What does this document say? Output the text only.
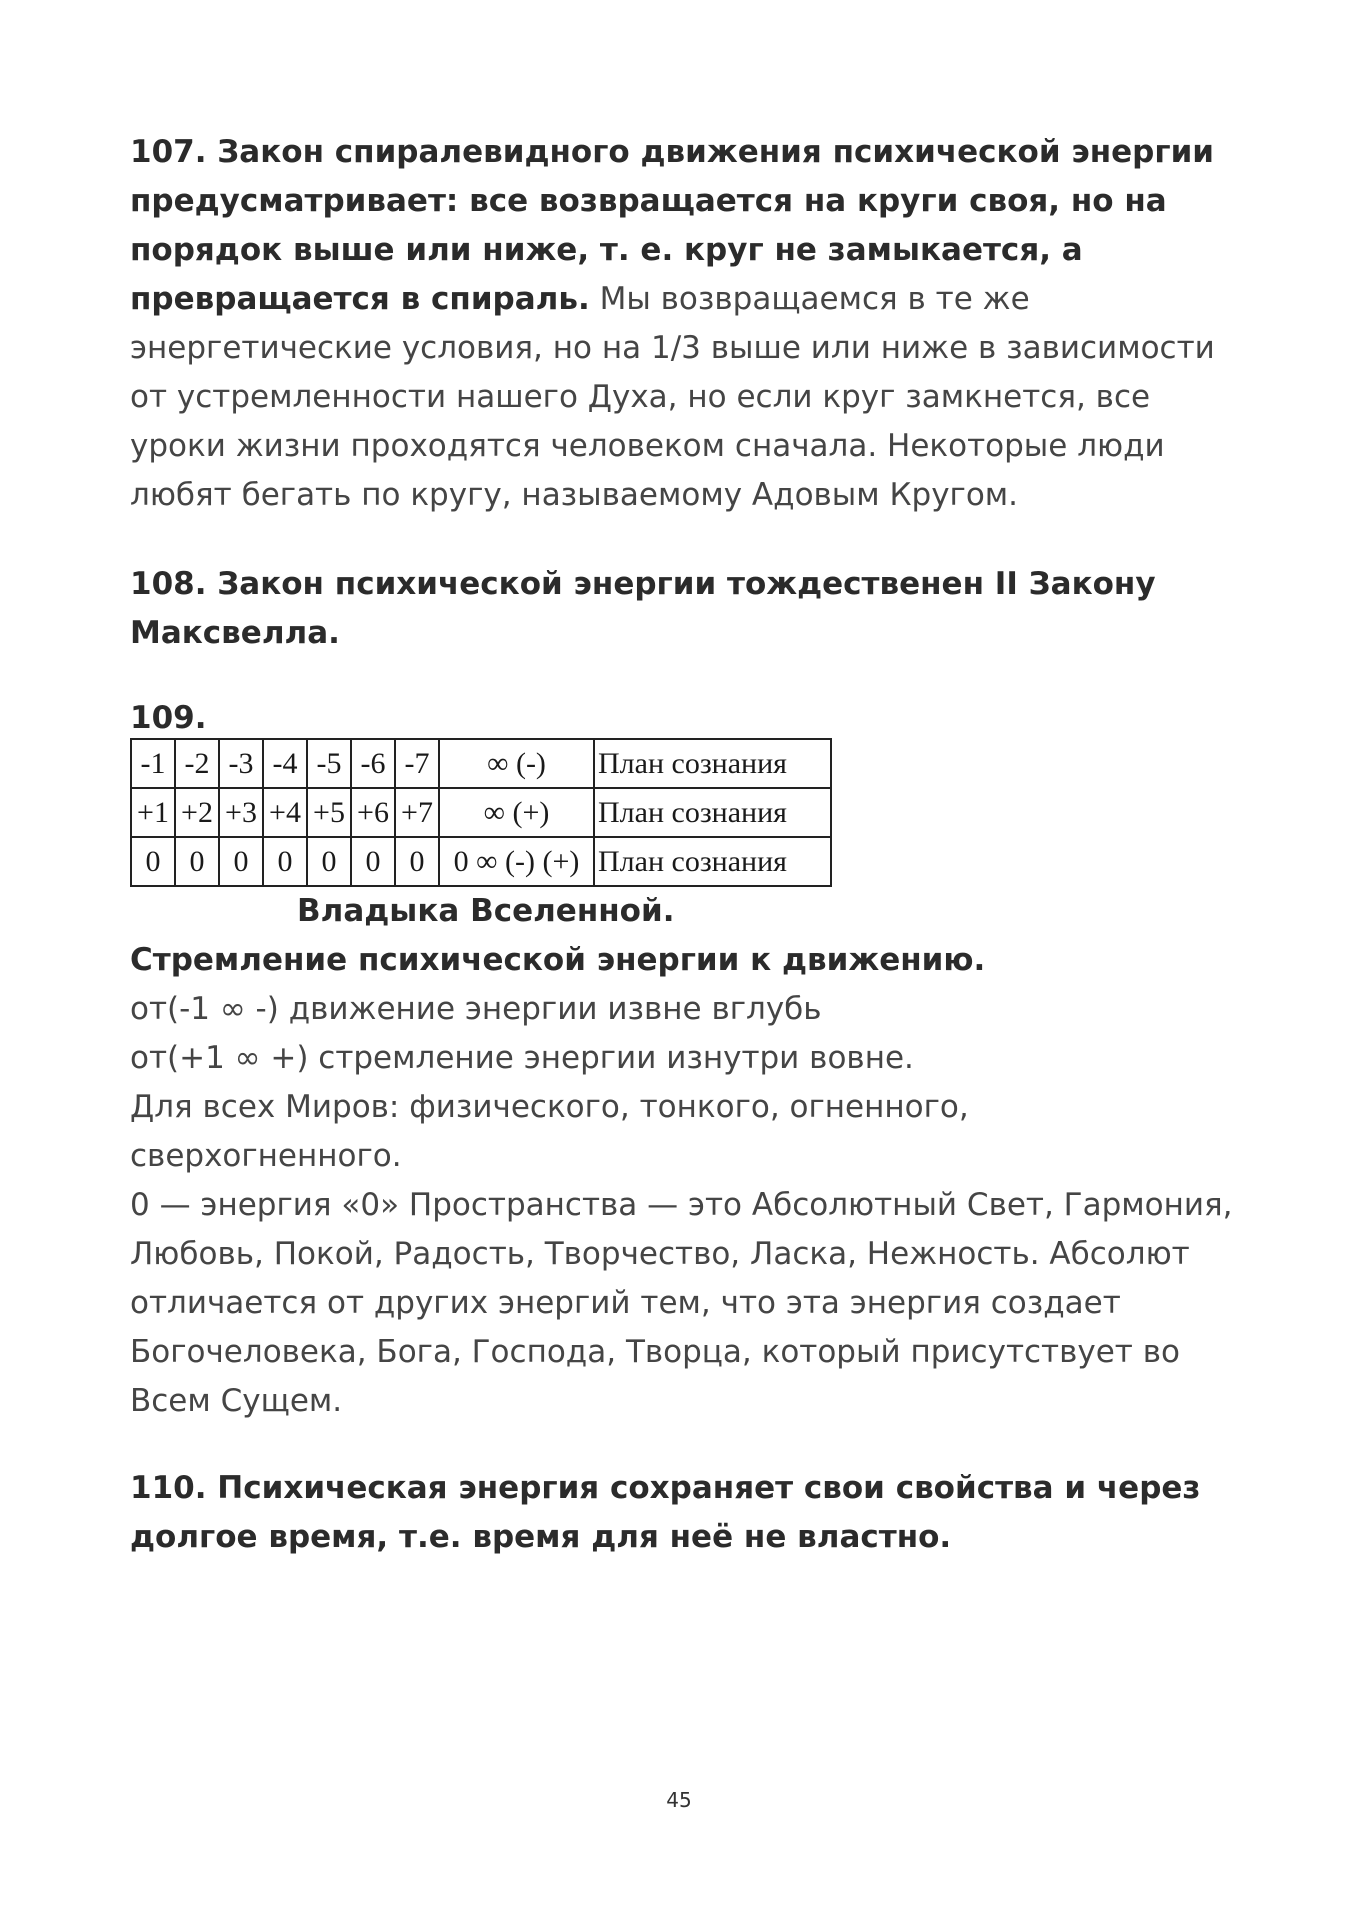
107. Закон спиралевидного движения психической энергии предусматривает: все возвращается на круги своя, но на порядок выше или ниже, т. е. круг не замыкается, а превращается в спираль. Мы возвращаемся в те же энергетические условия, но на 1/3 выше или ниже в зависимости от устремленности нашего Духа, но если круг замкнется, все уроки жизни проходятся человеком сначала. Некоторые люди любят бегать по кругу, называемому Адовым Кругом.

108. Закон психической энергии тождественен II Закону Максвелла.

109.

-1	-2	-3	-4	-5	-6	-7	∞ (-)	План сознания
+1	+2	+3	+4	+5	+6	+7	∞ (+)	План сознания
0	0	0	0	0	0	0	0 ∞ (-) (+)	План сознания

Владыка Вселенной.

Стремление психической энергии к движению.

от(-1 ∞ -) движение энергии извне вглубь

от(+1 ∞ +) стремление энергии изнутри вовне.

Для всех Миров: физического, тонкого, огненного, сверхогненного.

0 — энергия «0» Пространства — это Абсолютный Свет, Гармония, Любовь, Покой, Радость, Творчество, Ласка, Нежность. Абсолют отличается от других энергий тем, что эта энергия создает Богочеловека, Бога, Господа, Творца, который присутствует во Всем Сущем.

110. Психическая энергия сохраняет свои свойства и через долгое время, т.е. время для неё не властно.

45
